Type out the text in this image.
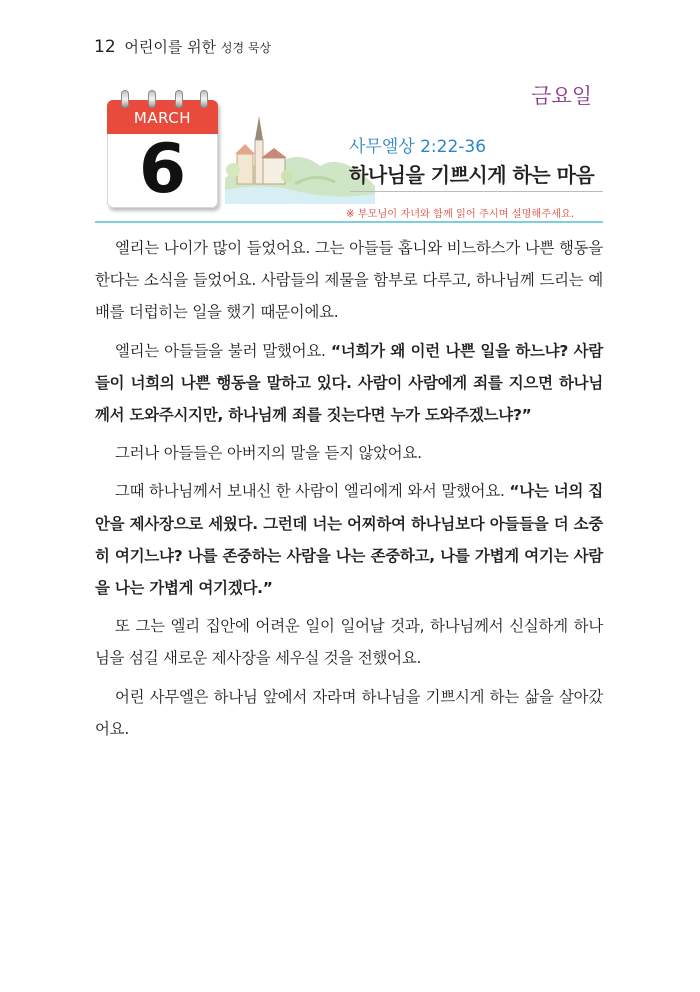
12 어린이를 위한 성경 묵상
금요일
MARCH
6	사무엘상 2:22-36
하나님을 기쁘시게 하는 마음
※ 부모님이 자녀와 함께 읽어 주시며 설명해주세요.

엘리는 나이가 많이 들었어요. 그는 아들들 홉니와 비느하스가 나쁜 행동을 한다는 소식을 들었어요. 사람들의 제물을 함부로 다루고, 하나님께 드리는 예배를 더럽히는 일을 했기 때문이에요.

엘리는 아들들을 불러 말했어요. “너희가 왜 이런 나쁜 일을 하느냐? 사람들이 너희의 나쁜 행동을 말하고 있다. 사람이 사람에게 죄를 지으면 하나님께서 도와주시지만, 하나님께 죄를 짓는다면 누가 도와주겠느냐?”

그러나 아들들은 아버지의 말을 듣지 않았어요.

그때 하나님께서 보내신 한 사람이 엘리에게 와서 말했어요. “나는 너의 집안을 제사장으로 세웠다. 그런데 너는 어찌하여 하나님보다 아들들을 더 소중히 여기느냐? 나를 존중하는 사람을 나는 존중하고, 나를 가볍게 여기는 사람을 나는 가볍게 여기겠다.”

또 그는 엘리 집안에 어려운 일이 일어날 것과, 하나님께서 신실하게 하나님을 섬길 새로운 제사장을 세우실 것을 전했어요.

어린 사무엘은 하나님 앞에서 자라며 하나님을 기쁘시게 하는 삶을 살아갔어요.
